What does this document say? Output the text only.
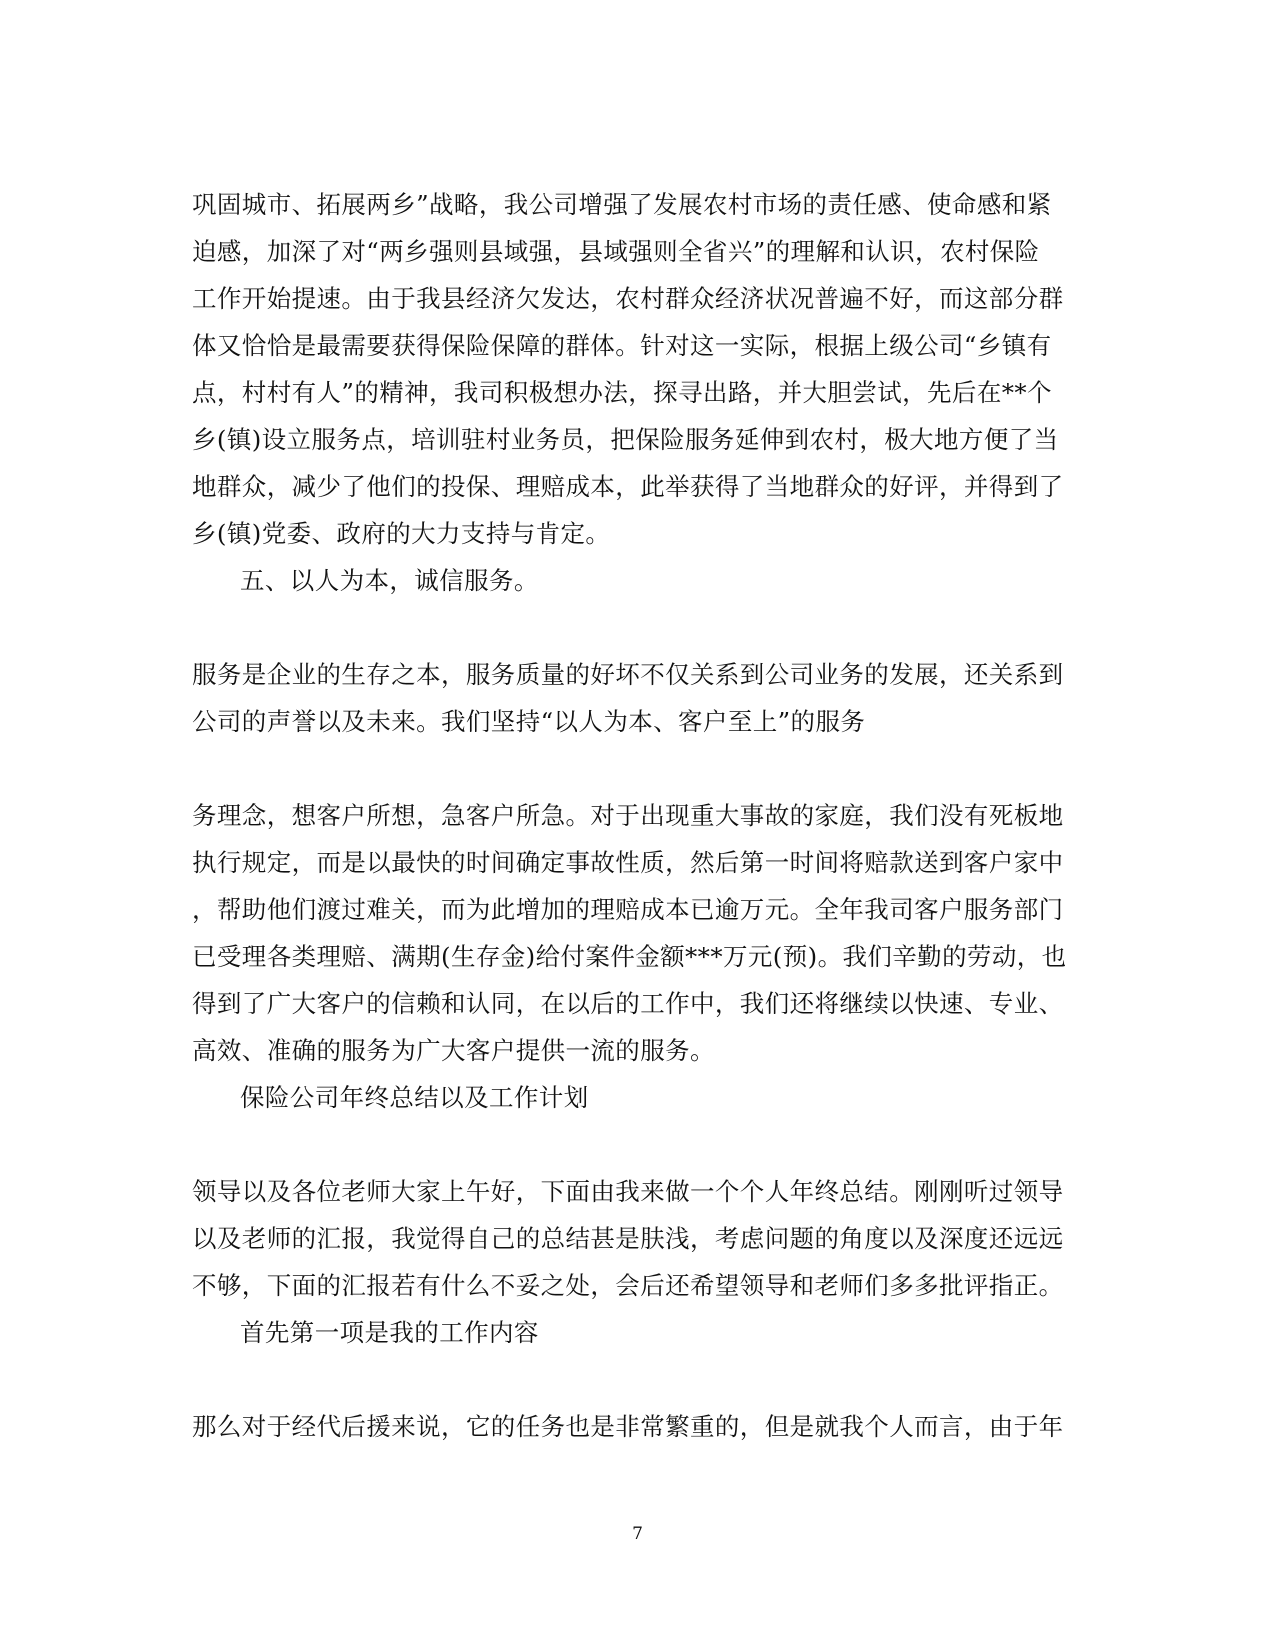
巩固城市、拓展两乡”战略，我公司增强了发展农村市场的责任感、使命感和紧
迫感，加深了对“两乡强则县域强，县域强则全省兴”的理解和认识，农村保险
工作开始提速。由于我县经济欠发达，农村群众经济状况普遍不好，而这部分群
体又恰恰是最需要获得保险保障的群体。针对这一实际，根据上级公司“乡镇有
点，村村有人”的精神，我司积极想办法，探寻出路，并大胆尝试，先后在**个
乡(镇)设立服务点，培训驻村业务员，把保险服务延伸到农村，极大地方便了当
地群众，减少了他们的投保、理赔成本，此举获得了当地群众的好评，并得到了
乡(镇)党委、政府的大力支持与肯定。
五、以人为本，诚信服务。
服务是企业的生存之本，服务质量的好坏不仅关系到公司业务的发展，还关系到
公司的声誉以及未来。我们坚持“以人为本、客户至上”的服务
务理念，想客户所想，急客户所急。对于出现重大事故的家庭，我们没有死板地
执行规定，而是以最快的时间确定事故性质，然后第一时间将赔款送到客户家中
，帮助他们渡过难关，而为此增加的理赔成本已逾万元。全年我司客户服务部门
已受理各类理赔、满期(生存金)给付案件金额***万元(预)。我们辛勤的劳动，也
得到了广大客户的信赖和认同，在以后的工作中，我们还将继续以快速、专业、
高效、准确的服务为广大客户提供一流的服务。
保险公司年终总结以及工作计划
领导以及各位老师大家上午好，下面由我来做一个个人年终总结。刚刚听过领导
以及老师的汇报，我觉得自己的总结甚是肤浅，考虑问题的角度以及深度还远远
不够，下面的汇报若有什么不妥之处，会后还希望领导和老师们多多批评指正。
首先第一项是我的工作内容
那么对于经代后援来说，它的任务也是非常繁重的，但是就我个人而言，由于年
7
